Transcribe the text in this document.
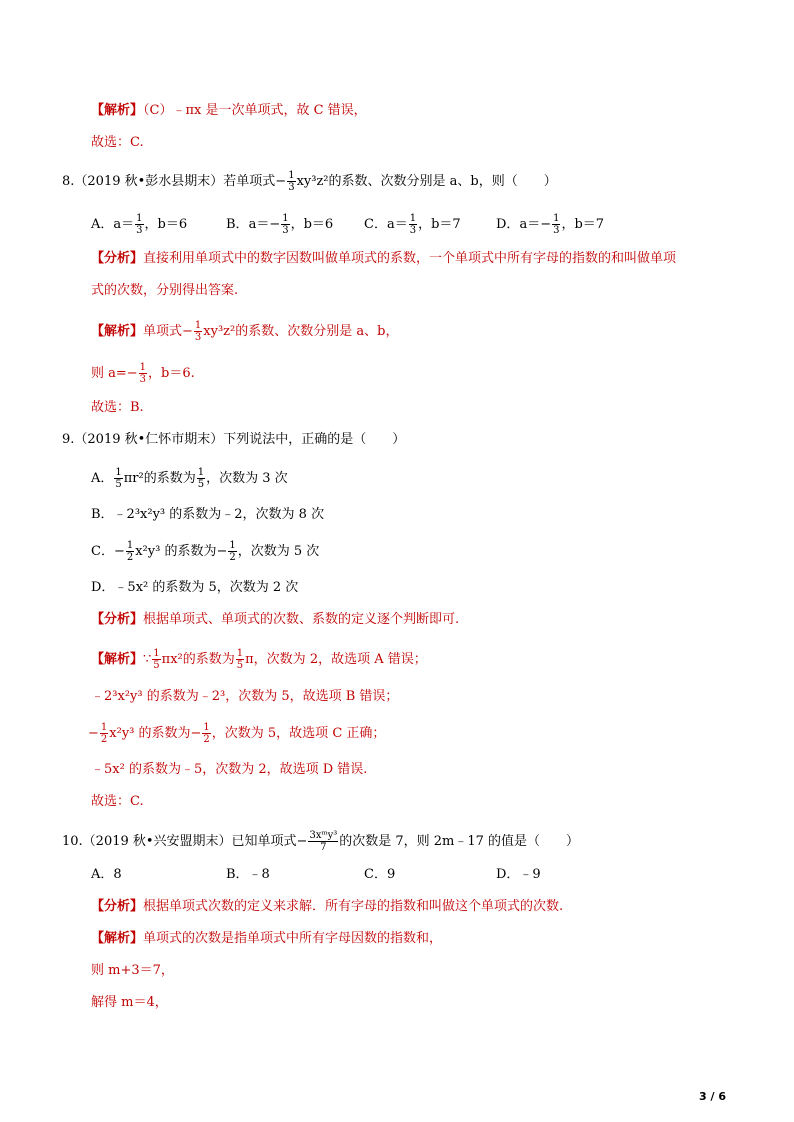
【解析】（C）﹣πx 是一次单项式，故 C 错误，
故选：C.
8.（2019 秋•彭水县期末）若单项式− $\frac{1}{3} xy^3z^2$的系数、次数分别是 a、b，则（　　）
A．$a= \frac{1}{3}$ ，b＝6	B．$a=- \frac{1}{3}$ ，b＝6 C．$a= \frac{1}{3}$ ，b＝7	D．$a=- \frac{1}{3}$ ，b＝7
【分析】直接利用单项式中的数字因数叫做单项式的系数，一个单项式中所有字母的指数的和叫做单项
式的次数，分别得出答案.
【解析】单项式− $\frac{1}{3} xy^3z^2$的系数、次数分别是 a、b，
则 $a=- \frac{1}{3}$ ，b＝6.
故选：B.
9.（2019 秋•仁怀市期末）下列说法中，正确的是（　　）
A． $\frac{1}{5} \pi r^2$的系数为 $\frac{1}{5}$ ，次数为 3 次
B．﹣2³x²y³ 的系数为﹣2，次数为 8 次
C．− $\frac{1}{2} x^2y^3$ 的系数为− $\frac{1}{2}$ ，次数为 5 次
D．﹣5x² 的系数为 5，次数为 2 次
【分析】根据单项式、单项式的次数、系数的定义逐个判断即可.
【解析】∵ $\frac{1}{5} \pi x^2$的系数为 $\frac{1}{5}$ π，次数为 2，故选项 A 错误；
﹣2³x²y³ 的系数为﹣2³，次数为 5，故选项 B 错误；
− $\frac{1}{2} x^2y^3$ 的系数为− $\frac{1}{2}$ ，次数为 5，故选项 C 正确；
﹣5x² 的系数为﹣5，次数为 2，故选项 D 错误.
故选：C.
10.（2019 秋•兴安盟期末）已知单项式− $\frac{\text{3xᵐy³}}{7}$ 的次数是 7，则 2m﹣17 的值是（　　）
A．8	B．﹣8	C．9	D．﹣9
【分析】根据单项式次数的定义来求解．所有字母的指数和叫做这个单项式的次数.
【解析】单项式的次数是指单项式中所有字母因数的指数和，
则 m+3＝7，
解得 m＝4，
3 / 6
